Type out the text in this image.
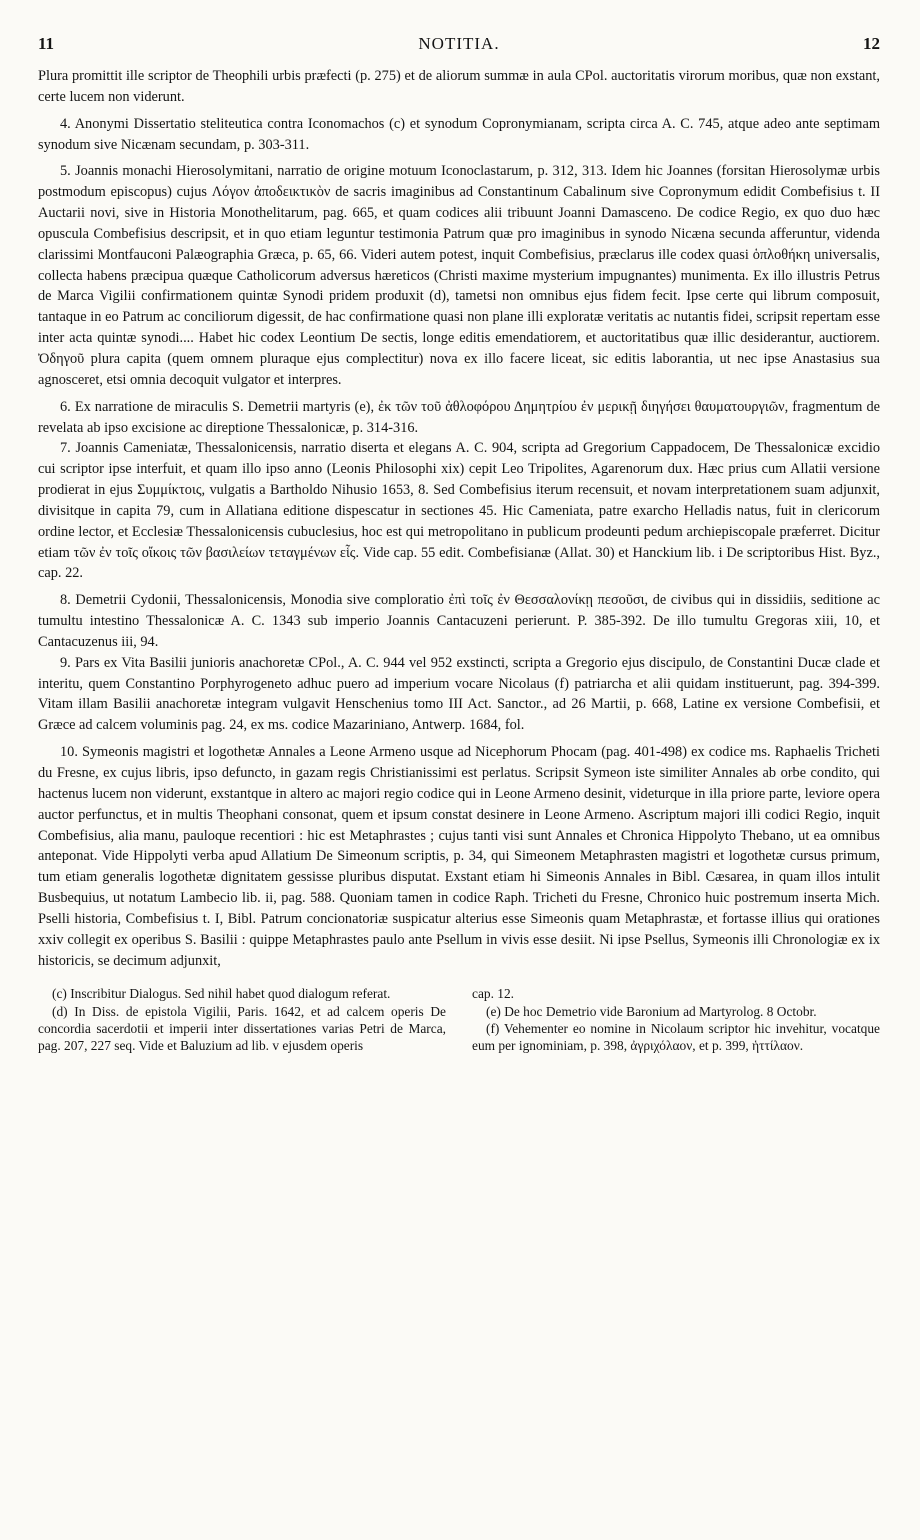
11	NOTITIA.	12

Plura promittit ille scriptor de Theophili urbis præfecti (p. 275) et de aliorum summæ in aula CPol. auctoritatis virorum moribus, quæ non exstant, certe lucem non viderunt.

4. Anonymi Dissertatio steliteutica contra Iconomachos (c) et synodum Copronymianam, scripta circa A. C. 745, atque adeo ante septimam synodum sive Nicænam secundam, p. 303-311.

5. Joannis monachi Hierosolymitani, narratio de origine motuum Iconoclastarum, p. 312, 313. Idem hic Joannes (forsitan Hierosolymæ urbis postmodum episcopus) cujus Λόγον ἀποδεικτικὸν de sacris imaginibus ad Constantinum Cabalinum sive Copronymum edidit Combefisius t. II Auctarii novi, sive in Historia Monothelitarum, pag. 665, et quam codices alii tribuunt Joanni Damasceno. De codice Regio, ex quo duo hæc opuscula Combefisius descripsit, et in quo etiam leguntur testimonia Patrum quæ pro imaginibus in synodo Nicæna secunda afferuntur, videnda clarissimi Montfauconi Palæographia Græca, p. 65, 66. Videri autem potest, inquit Combefisius, præclarus ille codex quasi ὁπλοθήκη universalis, collecta habens præcipua quæque Catholicorum adversus hæreticos (Christi maxime mysterium impugnantes) munimenta. Ex illo illustris Petrus de Marca Vigilii confirmationem quintæ Synodi pridem produxit (d), tametsi non omnibus ejus fidem fecit. Ipse certe qui librum composuit, tantaque in eo Patrum ac conciliorum digessit, de hac confirmatione quasi non plane illi exploratæ veritatis ac nutantis fidei, scripsit repertam esse inter acta quintæ synodi.... Habet hic codex Leontium De sectis, longe editis emendatiorem, et auctoritatibus quæ illic desiderantur, auctiorem. Ὀδηγοῦ plura capita (quem omnem pluraque ejus complectitur) nova ex illo facere liceat, sic editis laborantia, ut nec ipse Anastasius sua agnosceret, etsi omnia decoquit vulgator et interpres.

6. Ex narratione de miraculis S. Demetrii martyris (e), ἐκ τῶν τοῦ ἀθλοφόρου Δημητρίου ἐν μερικῇ διηγήσει θαυματουργιῶν, fragmentum de revelata ab ipso excisione ac direptione Thessalonicæ, p. 314-316.

7. Joannis Cameniatæ, Thessalonicensis, narratio diserta et elegans A. C. 904, scripta ad Gregorium Cappadocem, De Thessalonicæ excidio cui scriptor ipse interfuit, et quam illo ipso anno (Leonis Philosophi xix) cepit Leo Tripolites, Agarenorum dux. Hæc prius cum Allatii versione prodierat in ejus Συμμίκτοις, vulgatis a Bartholdo Nihusio 1653, 8. Sed Combefisius iterum recensuit, et novam interpretationem suam adjunxit, divisitque in capita 79, cum in Allatiana editione dispescatur in sectiones 45. Hic Cameniata, patre exarcho Helladis natus, fuit in clericorum ordine lector, et Ecclesiæ Thessalonicensis cubuclesius, hoc est qui metropolitano in publicum prodeunti pedum archiepiscopale præferret. Dicitur etiam τῶν ἐν τοῖς οἴκοις τῶν βασιλείων τεταγμένων εἷς. Vide cap. 55 edit. Combefisianæ (Allat. 30) et Hanckium lib. i De scriptoribus Hist. Byz., cap. 22.

8. Demetrii Cydonii, Thessalonicensis, Monodia sive comploratio ἐπὶ τοῖς ἐν Θεσσαλονίκῃ πεσοῦσι, de civibus qui in dissidiis, seditione ac tumultu intestino Thessalonicæ A. C. 1343 sub imperio Joannis Cantacuzeni perierunt. P. 385-392. De illo tumultu Gregoras xiii, 10, et Cantacuzenus iii, 94.

9. Pars ex Vita Basilii junioris anachoretæ CPol., A. C. 944 vel 952 exstincti, scripta a Gregorio ejus discipulo, de Constantini Ducæ clade et interitu, quem Constantino Porphyrogeneto adhuc puero ad imperium vocare Nicolaus (f) patriarcha et alii quidam instituerunt, pag. 394-399. Vitam illam Basilii anachoretæ integram vulgavit Henschenius tomo III Act. Sanctor., ad 26 Martii, p. 668, Latine ex versione Combefisii, et Græce ad calcem voluminis pag. 24, ex ms. codice Mazariniano, Antwerp. 1684, fol.

10. Symeonis magistri et logothetæ Annales a Leone Armeno usque ad Nicephorum Phocam (pag. 401-498) ex codice ms. Raphaelis Tricheti du Fresne, ex cujus libris, ipso defuncto, in gazam regis Christianissimi est perlatus. Scripsit Symeon iste similiter Annales ab orbe condito, qui hactenus lucem non viderunt, exstantque in altero ac majori regio codice qui in Leone Armeno desinit, videturque in illa priore parte, leviore opera auctor perfunctus, et in multis Theophani consonat, quem et ipsum constat desinere in Leone Armeno. Ascriptum majori illi codici Regio, inquit Combefisius, alia manu, pauloque recentiori : hic est Metaphrastes ; cujus tanti visi sunt Annales et Chronica Hippolyto Thebano, ut ea omnibus anteponat. Vide Hippolyti verba apud Allatium De Simeonum scriptis, p. 34, qui Simeonem Metaphrasten magistri et logothetæ cursus primum, tum etiam generalis logothetæ dignitatem gessisse pluribus disputat. Exstant etiam hi Simeonis Annales in Bibl. Cæsarea, in quam illos intulit Busbequius, ut notatum Lambecio lib. ii, pag. 588. Quoniam tamen in codice Raph. Tricheti du Fresne, Chronico huic postremum inserta Mich. Pselli historia, Combefisius t. I, Bibl. Patrum concionatoriæ suspicatur alterius esse Simeonis quam Metaphrastæ, et fortasse illius qui orationes xxiv collegit ex operibus S. Basilii : quippe Metaphrastes paulo ante Psellum in vivis esse desiit. Ni ipse Psellus, Symeonis illi Chronologiæ ex ix historicis, se decimum adjunxit,

(c) Inscribitur Dialogus. Sed nihil habet quod dialogum referat.

(d) In Diss. de epistola Vigilii, Paris. 1642, et ad calcem operis De concordia sacerdotii et imperii inter dissertationes varias Petri de Marca, pag. 207, 227 seq. Vide et Baluzium ad lib. v ejusdem operis

cap. 12.

(e) De hoc Demetrio vide Baronium ad Martyrolog. 8 Octobr.

(f) Vehementer eo nomine in Nicolaum scriptor hic invehitur, vocatque eum per ignominiam, p. 398, ἀγριχόλαον, et p. 399, ἡττίλαον.
